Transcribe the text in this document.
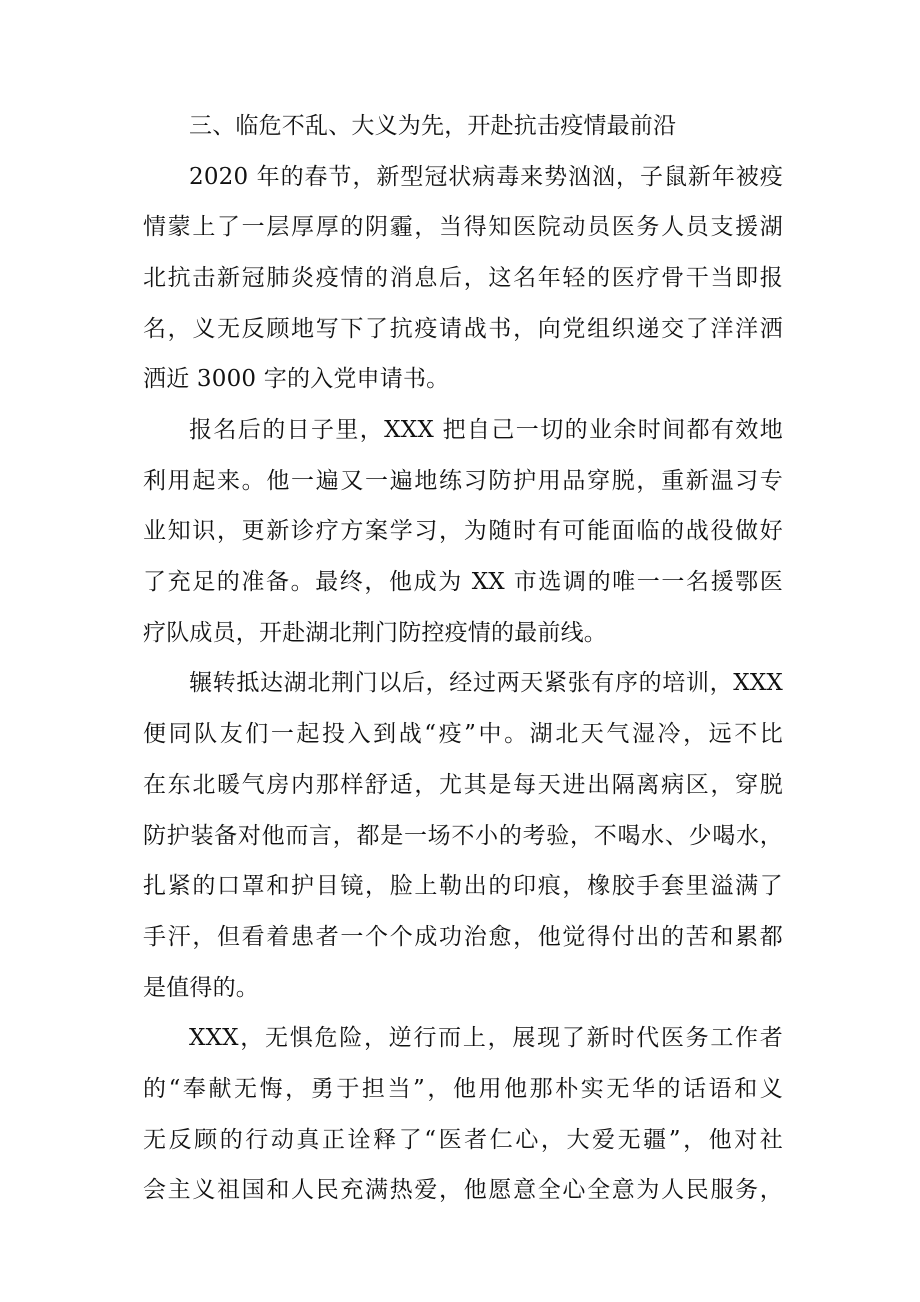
三、临危不乱、大义为先，开赴抗击疫情最前沿
2020 年的春节，新型冠状病毒来势汹汹，子鼠新年被疫
情蒙上了一层厚厚的阴霾，当得知医院动员医务人员支援湖
北抗击新冠肺炎疫情的消息后，这名年轻的医疗骨干当即报
名，义无反顾地写下了抗疫请战书，向党组织递交了洋洋洒
洒近 3000 字的入党申请书。
报名后的日子里，XXX 把自己一切的业余时间都有效地
利用起来。他一遍又一遍地练习防护用品穿脱，重新温习专
业知识，更新诊疗方案学习，为随时有可能面临的战役做好
了充足的准备。最终，他成为 XX 市选调的唯一一名援鄂医
疗队成员，开赴湖北荆门防控疫情的最前线。
辗转抵达湖北荆门以后，经过两天紧张有序的培训，XXX
便同队友们一起投入到战“疫”中。湖北天气湿冷，远不比
在东北暖气房内那样舒适，尤其是每天进出隔离病区，穿脱
防护装备对他而言，都是一场不小的考验，不喝水、少喝水，
扎紧的口罩和护目镜，脸上勒出的印痕，橡胶手套里溢满了
手汗，但看着患者一个个成功治愈，他觉得付出的苦和累都
是值得的。
XXX，无惧危险，逆行而上，展现了新时代医务工作者
的“奉献无悔，勇于担当”，他用他那朴实无华的话语和义
无反顾的行动真正诠释了“医者仁心，大爱无疆”，他对社
会主义祖国和人民充满热爱，他愿意全心全意为人民服务，
